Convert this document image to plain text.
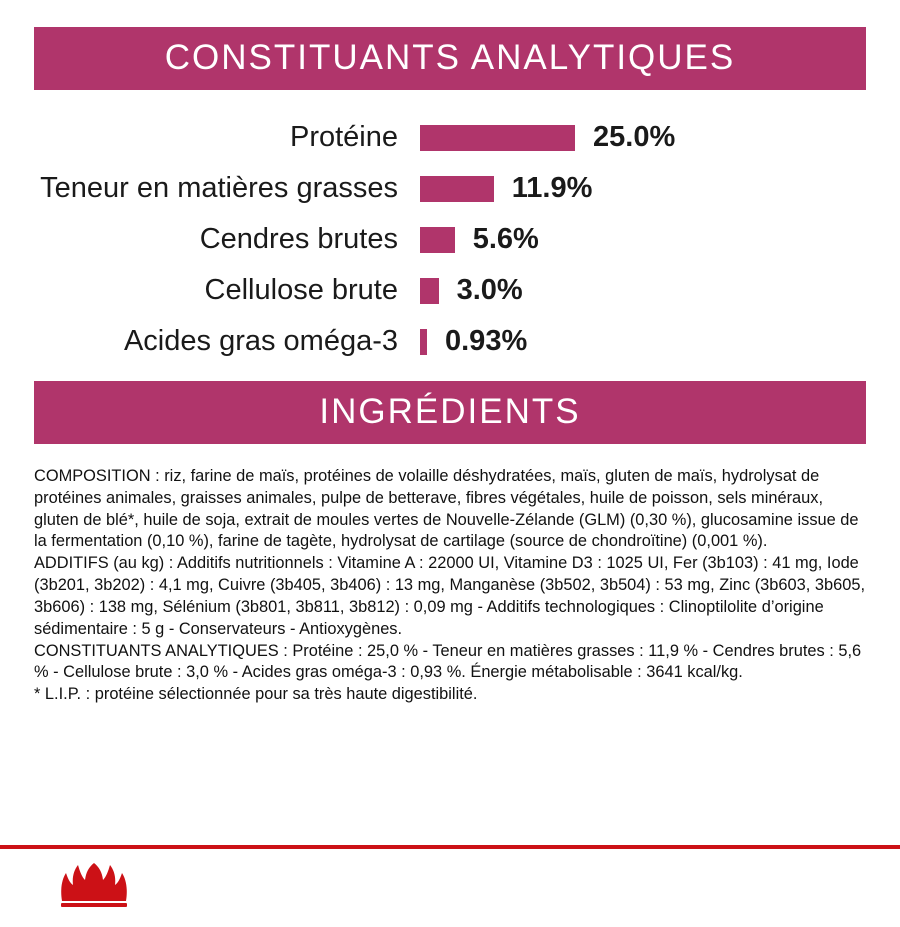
CONSTITUANTS ANALYTIQUES
Protéine	25.0%
Teneur en matières grasses	11.9%
Cendres brutes	5.6%
Cellulose brute	3.0%
Acides gras oméga-3	0.93%
INGRÉDIENTS

COMPOSITION : riz, farine de maïs, protéines de volaille déshydratées, maïs, gluten de maïs, hydrolysat de protéines animales, graisses animales, pulpe de betterave, fibres végétales, huile de poisson, sels minéraux, gluten de blé*, huile de soja, extrait de moules vertes de Nouvelle-Zélande (GLM) (0,30 %), glucosamine issue de la fermentation (0,10 %), farine de tagète, hydrolysat de cartilage (source de chondroïtine) (0,001 %).

ADDITIFS (au kg) : Additifs nutritionnels : Vitamine A : 22000 UI, Vitamine D3 : 1025 UI, Fer (3b103) : 41 mg, Iode (3b201, 3b202) : 4,1 mg, Cuivre (3b405, 3b406) : 13 mg, Manganèse (3b502, 3b504) : 53 mg, Zinc (3b603, 3b605, 3b606) : 138 mg, Sélénium (3b801, 3b811, 3b812) : 0,09 mg - Additifs technologiques : Clinoptilolite d’origine sédimentaire : 5 g - Conservateurs - Antioxygènes.

CONSTITUANTS ANALYTIQUES : Protéine : 25,0 % - Teneur en matières grasses : 11,9 % - Cendres brutes : 5,6 % - Cellulose brute : 3,0 % - Acides gras oméga-3 : 0,93 %. Énergie métabolisable : 3641 kcal/kg.

* L.I.P. : protéine sélectionnée pour sa très haute digestibilité.
